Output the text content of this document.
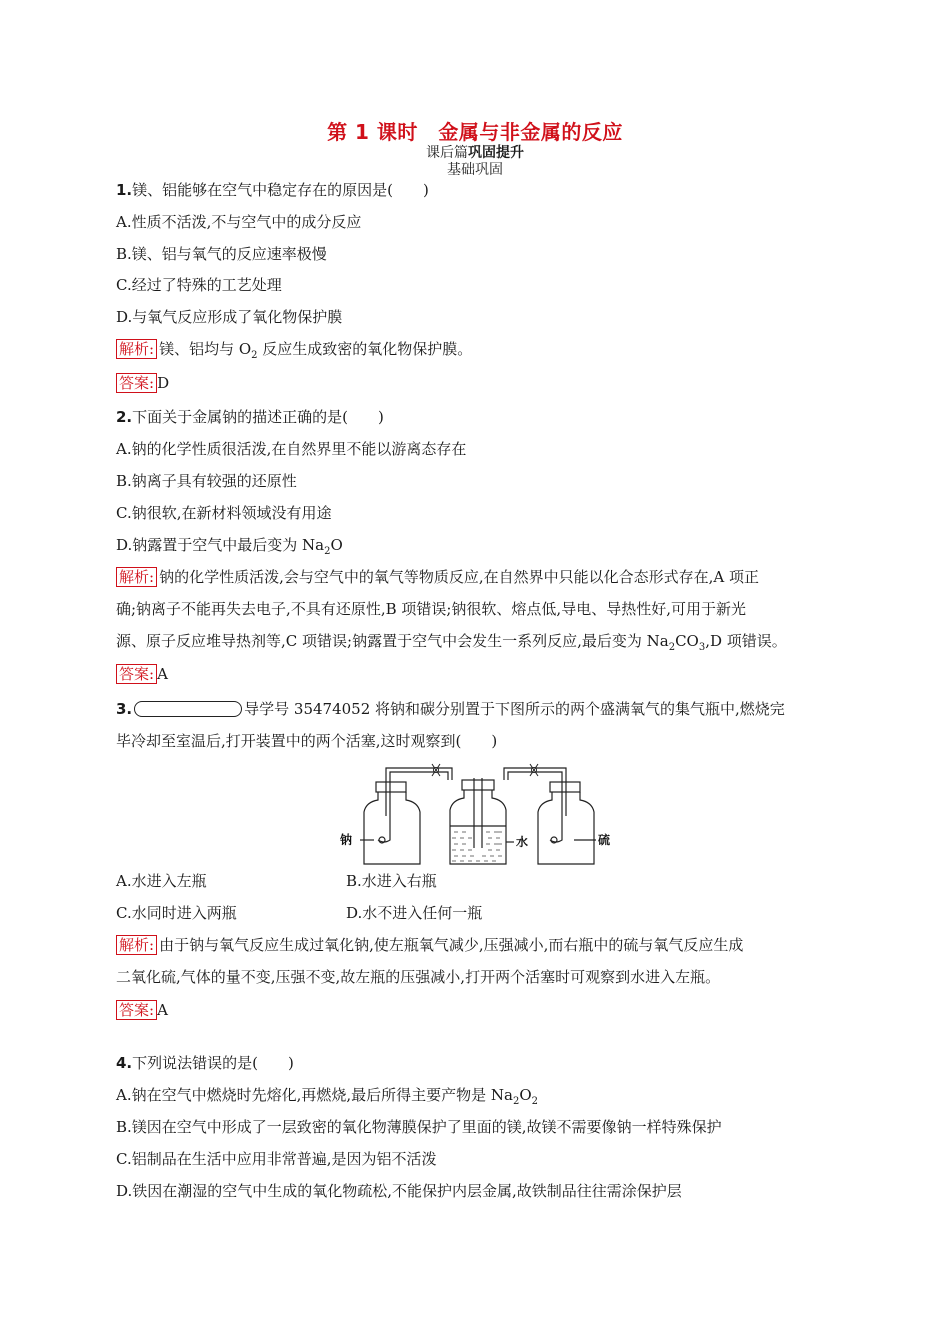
第 1 课时　金属与非金属的反应
课后篇巩固提升
基础巩固
1.镁、铝能够在空气中稳定存在的原因是(　　)
A.性质不活泼,不与空气中的成分反应
B.镁、铝与氧气的反应速率极慢
C.经过了特殊的工艺处理
D.与氧气反应形成了氧化物保护膜
解析: 镁、铝均与 $O_2$ 反应生成致密的氧化物保护膜。
答案: D
2.下面关于金属钠的描述正确的是(　　)
A.钠的化学性质很活泼,在自然界里不能以游离态存在
B.钠离子具有较强的还原性
C.钠很软,在新材料领域没有用途
D.钠露置于空气中最后变为 $Na_2O$
解析: 钠的化学性质活泼,会与空气中的氧气等物质反应,在自然界中只能以化合态形式存在,A 项正
确;钠离子不能再失去电子,不具有还原性,B 项错误;钠很软、熔点低,导电、导热性好,可用于新光
源、原子反应堆导热剂等,C 项错误;钠露置于空气中会发生一系列反应,最后变为 $Na_2CO_3,D$ 项错误。
答案: A
3.	导学号 35474052 将钠和碳分别置于下图所示的两个盛满氧气的集气瓶中,燃烧完
毕冷却至室温后,打开装置中的两个活塞,这时观察到(　　)
钠	水	硫
A.水进入左瓶	B.水进入右瓶
C.水同时进入两瓶	D.水不进入任何一瓶
解析: 由于钠与氧气反应生成过氧化钠,使左瓶氧气减少,压强减小,而右瓶中的硫与氧气反应生成
二氧化硫,气体的量不变,压强不变,故左瓶的压强减小,打开两个活塞时可观察到水进入左瓶。
答案: A
4.下列说法错误的是(　　)
A.钠在空气中燃烧时先熔化,再燃烧,最后所得主要产物是 $Na_2O_2$
B.镁因在空气中形成了一层致密的氧化物薄膜保护了里面的镁,故镁不需要像钠一样特殊保护
C.铝制品在生活中应用非常普遍,是因为铝不活泼
D.铁因在潮湿的空气中生成的氧化物疏松,不能保护内层金属,故铁制品往往需涂保护层
